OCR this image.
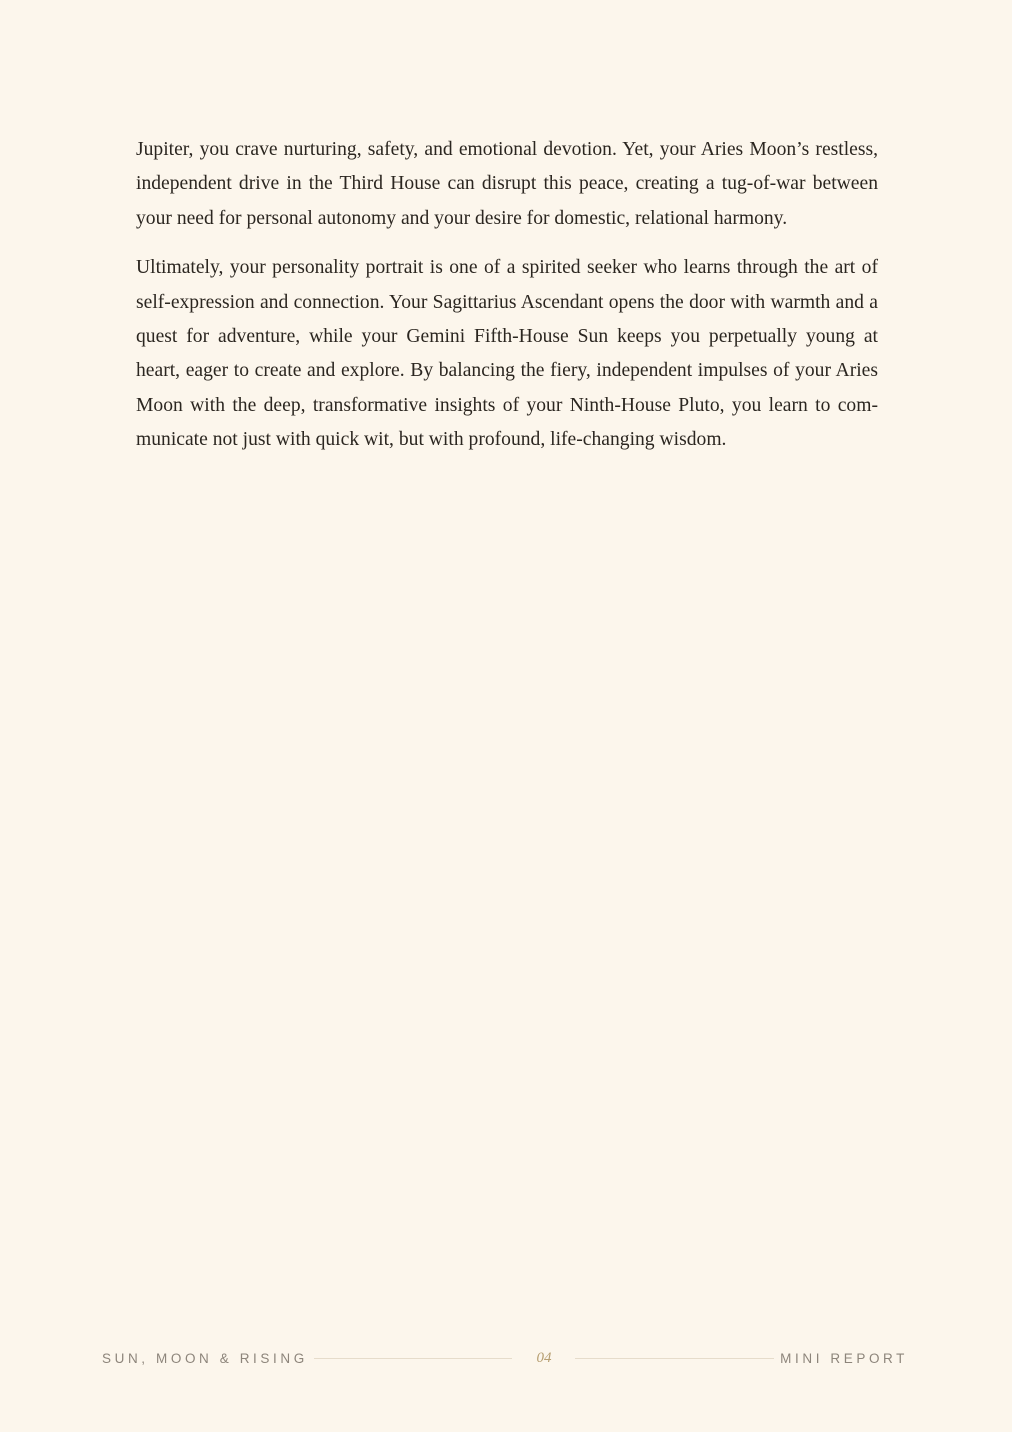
Jupiter, you crave nurturing, safety, and emotional devotion. Yet, your Aries Moon’s restless, independent drive in the Third House can disrupt this peace, creating a tug-of-war between your need for personal autonomy and your desire for domestic, relational harmony.

Ultimately, your personality portrait is one of a spirited seeker who learns through the art of self-expression and connection. Your Sagittarius Ascendant opens the door with warmth and a quest for adventure, while your Gemini Fifth-House Sun keeps you perpetually young at heart, eager to create and explore. By balancing the fiery, independent impulses of your Aries Moon with the deep, transformative insights of your Ninth-House Pluto, you learn to communicate not just with quick wit, but with profound, life-changing wisdom.

SUN, MOON & RISING	04	MINI REPORT
